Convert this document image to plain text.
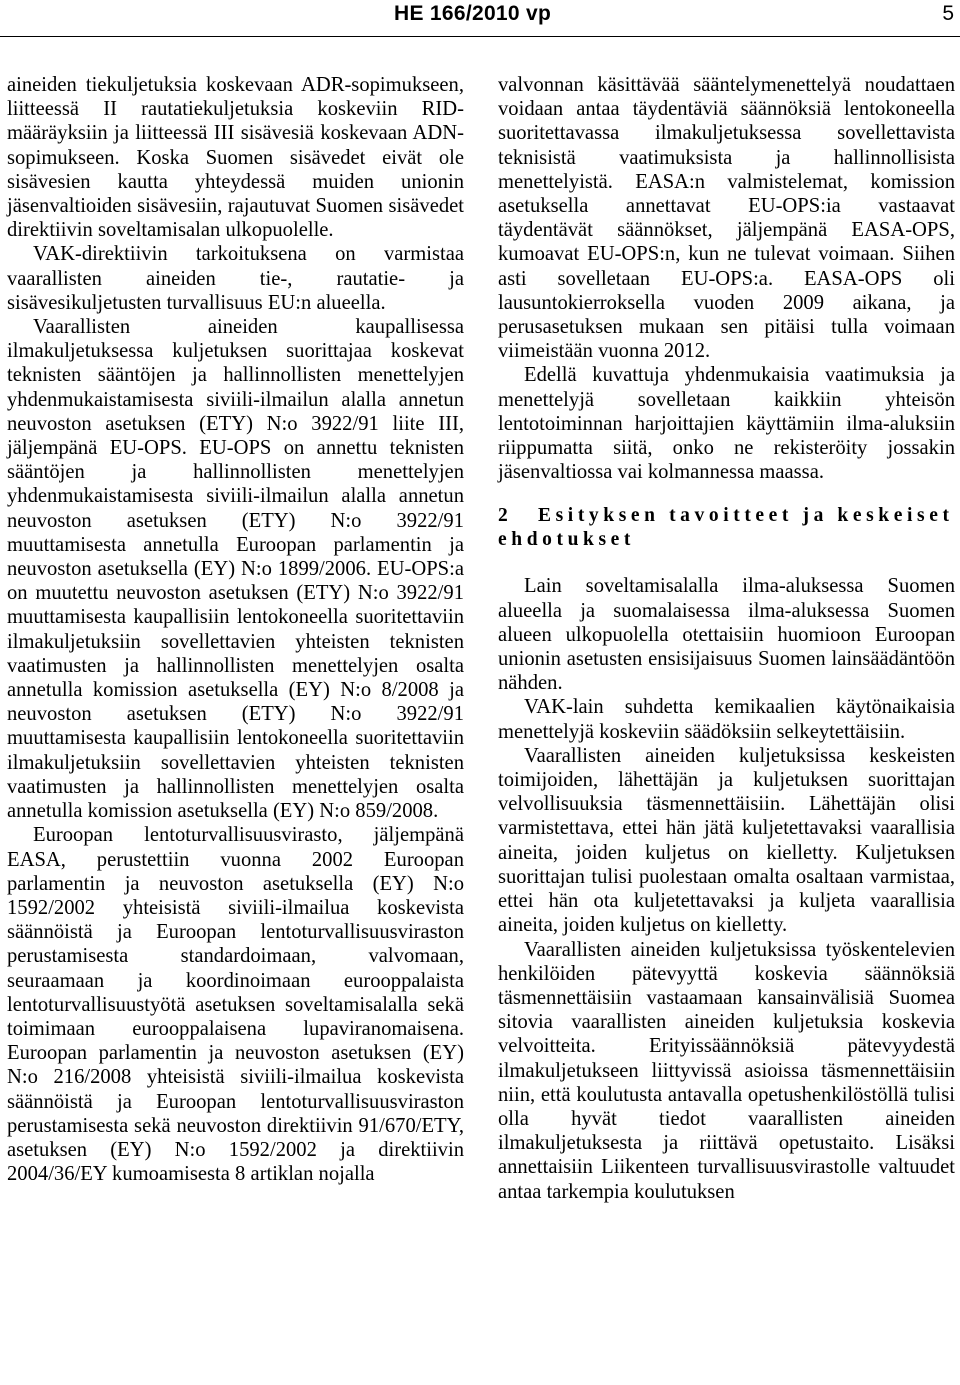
HE 166/2010 vp	5

aineiden tiekuljetuksia koskevaan ADR-sopimukseen, liitteessä II rautatiekuljetuksia koskeviin RID-määräyksiin ja liitteessä III sisävesiä koskevaan ADN-sopimukseen. Koska Suomen sisävedet eivät ole sisävesien kautta yhteydessä muiden unionin jäsenvaltioiden sisävesiin, rajautuvat Suomen sisävedet direktiivin soveltamisalan ulkopuolelle.

VAK-direktiivin tarkoituksena on varmistaa vaarallisten aineiden tie-, rautatie- ja sisävesikuljetusten turvallisuus EU:n alueella.

Vaarallisten aineiden kaupallisessa ilmakuljetuksessa kuljetuksen suorittajaa koskevat teknisten sääntöjen ja hallinnollisten menettelyjen yhdenmukaistamisesta siviili-ilmailun alalla annetun neuvoston asetuksen (ETY) N:o 3922/91 liite III, jäljempänä EU-OPS. EU-OPS on annettu teknisten sääntöjen ja hallinnollisten menettelyjen yhdenmukaistamisesta siviili-ilmailun alalla annetun neuvoston asetuksen (ETY) N:o 3922/91 muuttamisesta annetulla Euroopan parlamentin ja neuvoston asetuksella (EY) N:o 1899/2006. EU-OPS:a on muutettu neuvoston asetuksen (ETY) N:o 3922/91 muuttamisesta kaupallisiin lentokoneella suoritettaviin ilmakuljetuksiin sovellettavien yhteisten teknisten vaatimusten ja hallinnollisten menettelyjen osalta annetulla komission asetuksella (EY) N:o 8/2008 ja neuvoston asetuksen (ETY) N:o 3922/91 muuttamisesta kaupallisiin lentokoneella suoritettaviin ilmakuljetuksiin sovellettavien yhteisten teknisten vaatimusten ja hallinnollisten menettelyjen osalta annetulla komission asetuksella (EY) N:o 859/2008.

Euroopan lentoturvallisuusvirasto, jäljempänä EASA, perustettiin vuonna 2002 Euroopan parlamentin ja neuvoston asetuksella (EY) N:o 1592/2002 yhteisistä siviili-ilmailua koskevista säännöistä ja Euroopan lentoturvallisuusviraston perustamisesta standardoimaan, valvomaan, seuraamaan ja koordinoimaan eurooppalaista lentoturvallisuustyötä asetuksen soveltamisalalla sekä toimimaan eurooppalaisena lupaviranomaisena. Euroopan parlamentin ja neuvoston asetuksen (EY) N:o 216/2008 yhteisistä siviili-ilmailua koskevista säännöistä ja Euroopan lentoturvallisuusviraston perustamisesta sekä neuvoston direktiivin 91/670/ETY, asetuksen (EY) N:o 1592/2002 ja direktiivin 2004/36/EY kumoamisesta 8 artiklan nojalla

valvonnan käsittävää sääntelymenettelyä noudattaen voidaan antaa täydentäviä säännöksiä lentokoneella suoritettavassa ilmakuljetuksessa sovellettavista teknisistä vaatimuksista ja hallinnollisista menettelyistä. EASA:n valmistelemat, komission asetuksella annettavat EU-OPS:ia vastaavat täydentävät säännökset, jäljempänä EASA-OPS, kumoavat EU-OPS:n, kun ne tulevat voimaan. Siihen asti sovelletaan EU-OPS:a. EASA-OPS oli lausuntokierroksella vuoden 2009 aikana, ja perusasetuksen mukaan sen pitäisi tulla voimaan viimeistään vuonna 2012.

Edellä kuvattuja yhdenmukaisia vaatimuksia ja menettelyjä sovelletaan kaikkiin yhteisön lentotoiminnan harjoittajien käyttämiin ilma-aluksiin riippumatta siitä, onko ne rekisteröity jossakin jäsenvaltiossa vai kolmannessa maassa.

2 Esityksen tavoitteet ja keskeiset ehdotukset

Lain soveltamisalalla ilma-aluksessa Suomen alueella ja suomalaisessa ilma-aluksessa Suomen alueen ulkopuolella otettaisiin huomioon Euroopan unionin asetusten ensisijaisuus Suomen lainsäädäntöön nähden.

VAK-lain suhdetta kemikaalien käytönaikaisia menettelyjä koskeviin säädöksiin selkeytettäisiin.

Vaarallisten aineiden kuljetuksissa keskeisten toimijoiden, lähettäjän ja kuljetuksen suorittajan velvollisuuksia täsmennettäisiin. Lähettäjän olisi varmistettava, ettei hän jätä kuljetettavaksi vaarallisia aineita, joiden kuljetus on kielletty. Kuljetuksen suorittajan tulisi puolestaan omalta osaltaan varmistaa, ettei hän ota kuljetettavaksi ja kuljeta vaarallisia aineita, joiden kuljetus on kielletty.

Vaarallisten aineiden kuljetuksissa työskentelevien henkilöiden pätevyyttä koskevia säännöksiä täsmennettäisiin vastaamaan kansainvälisiä Suomea sitovia vaarallisten aineiden kuljetuksia koskevia velvoitteita. Erityissäännöksiä pätevyydestä ilmakuljetukseen liittyvissä asioissa täsmennettäisiin niin, että koulutusta antavalla opetushenkilöstöllä tulisi olla hyvät tiedot vaarallisten aineiden ilmakuljetuksesta ja riittävä opetustaito. Lisäksi annettaisiin Liikenteen turvallisuusvirastolle valtuudet antaa tarkempia koulutuksen
